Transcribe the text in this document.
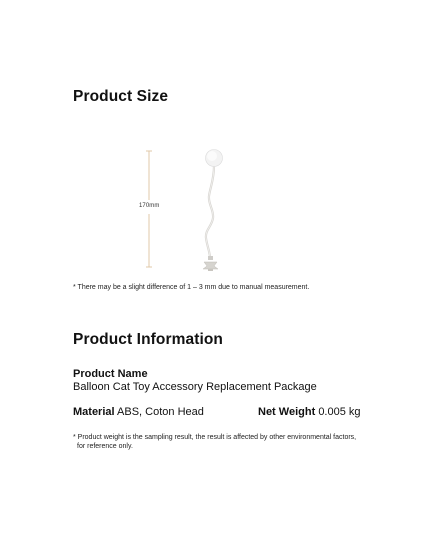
Product Size
170mm

* There may be a slight difference of 1 – 3 mm due to manual measurement.

Product Information
Product Name
Balloon Cat Toy Accessory Replacement Package
Material ABS, Coton Head	Net Weight 0.005 kg

* Product weight is the sampling result, the result is affected by other environmental factors,
for reference only.
